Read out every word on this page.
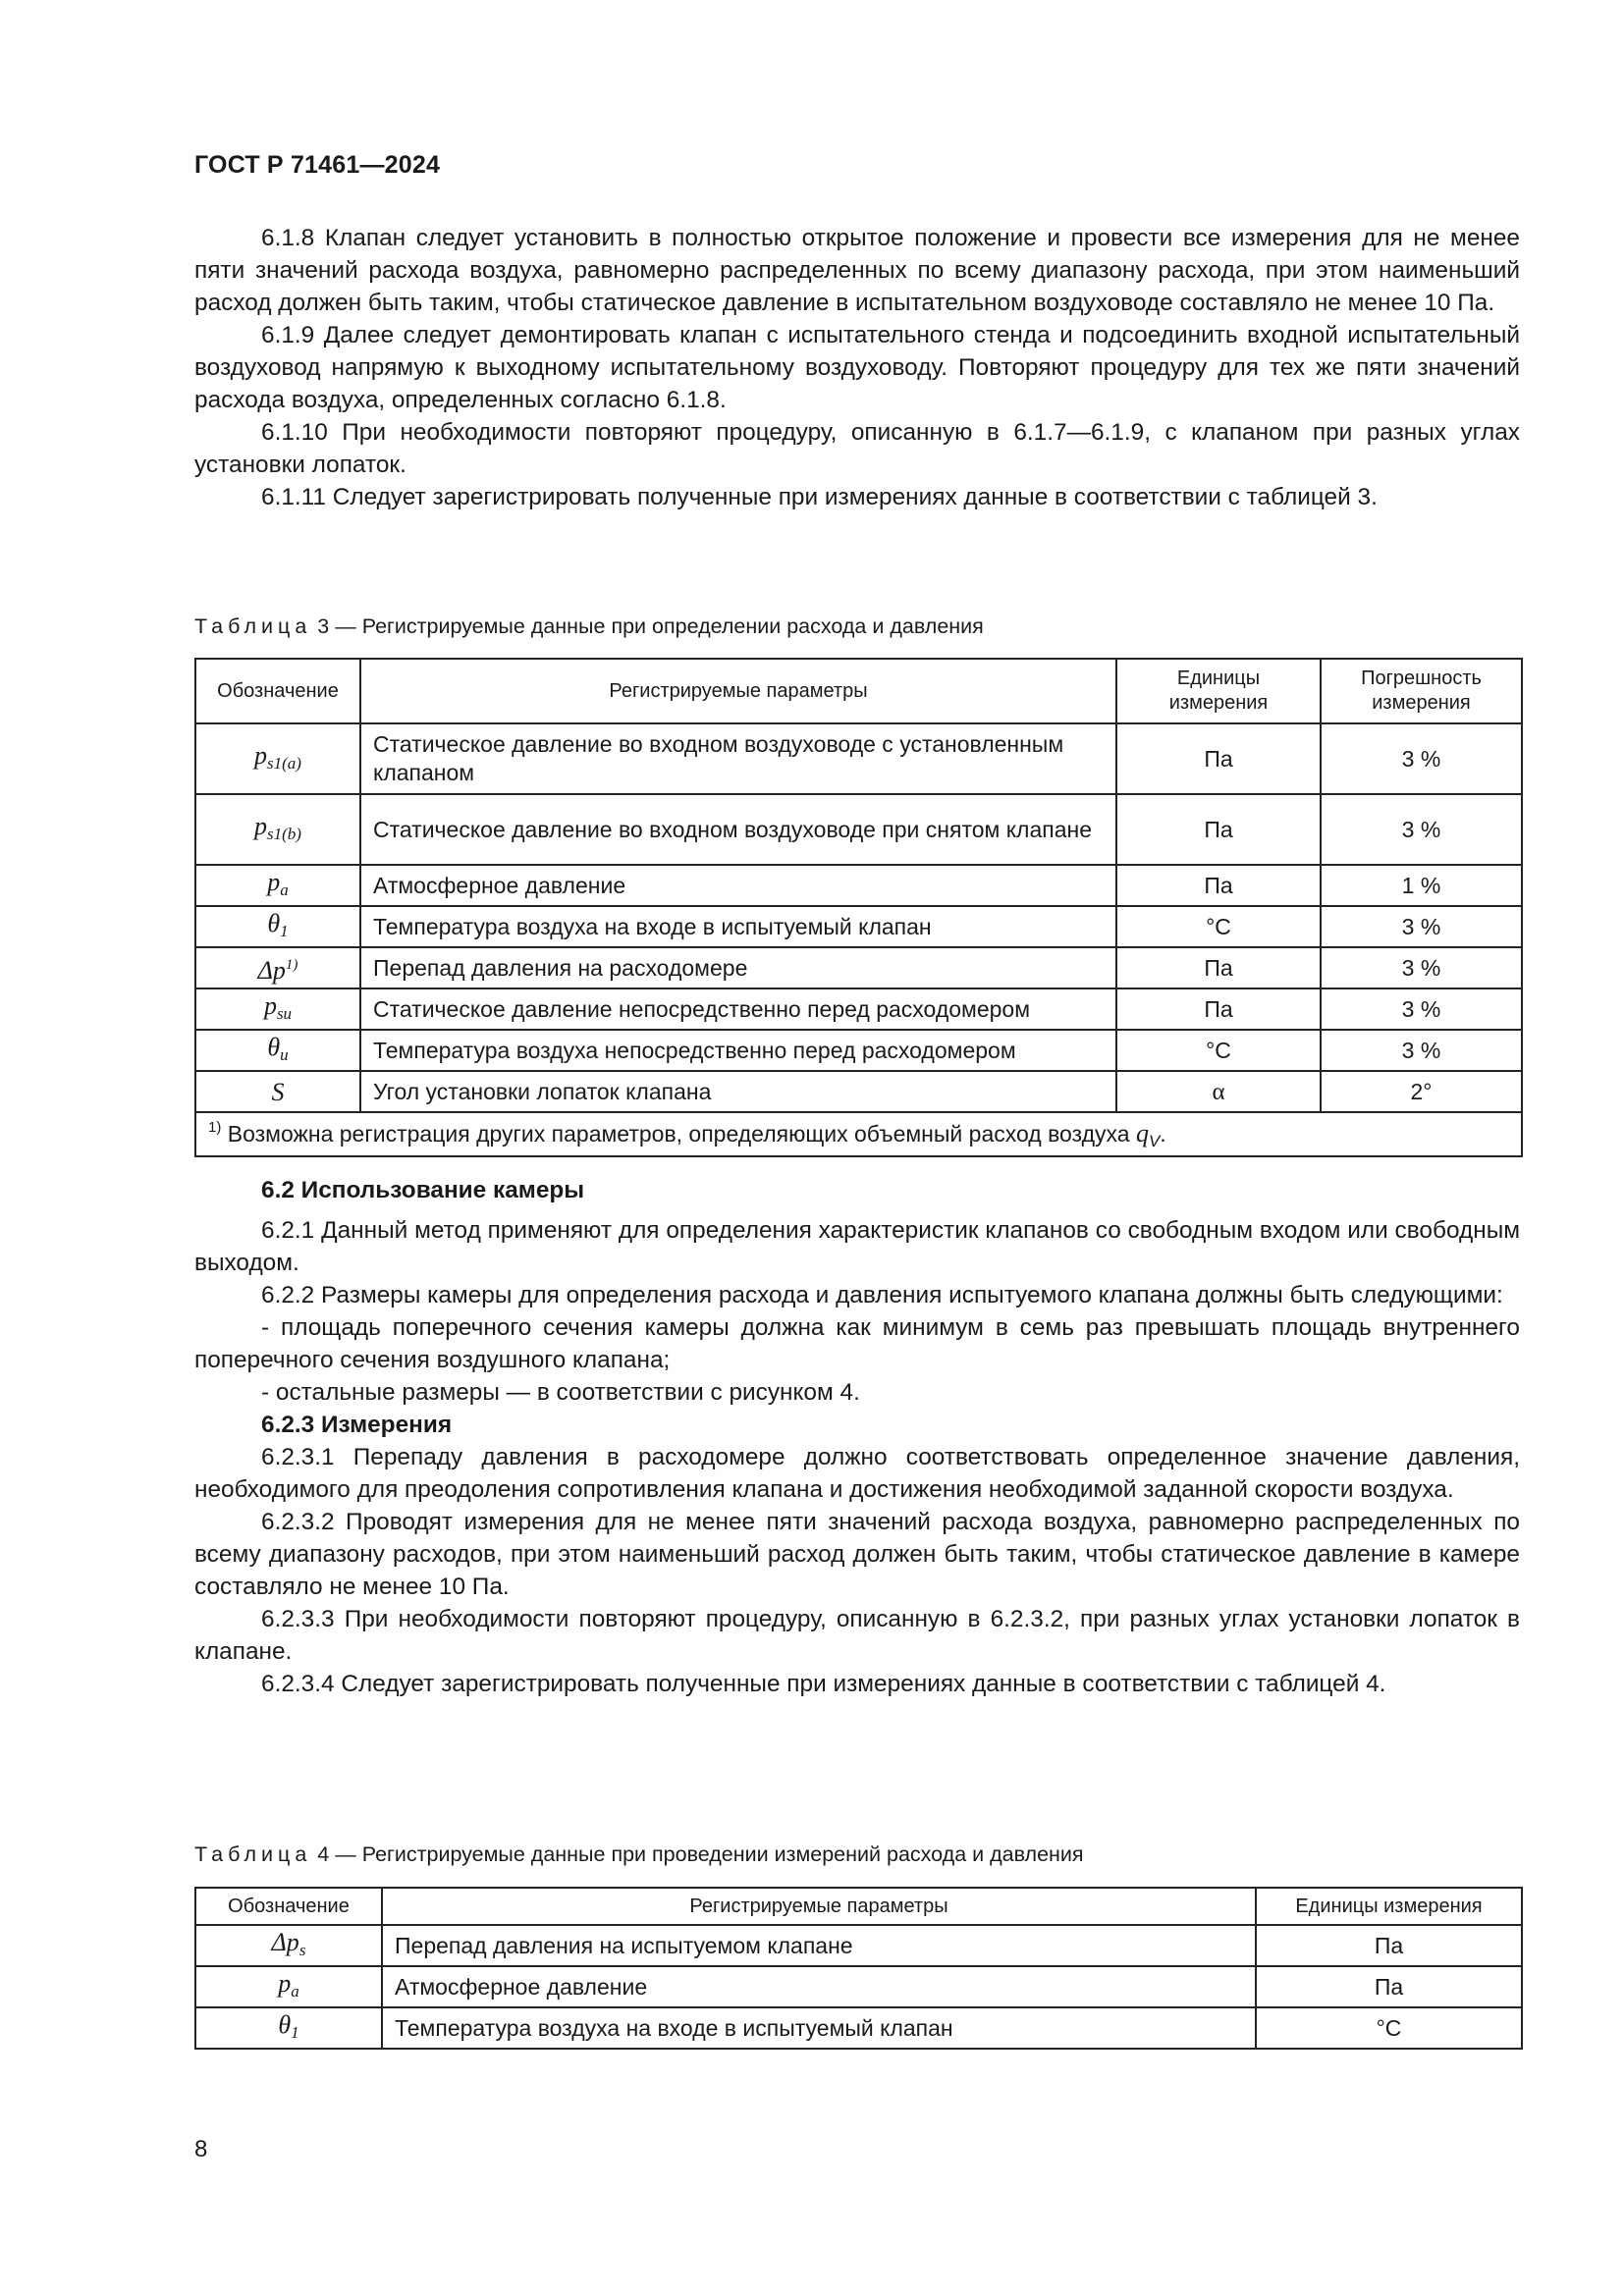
ГОСТ Р 71461—2024

6.1.8 Клапан следует установить в полностью открытое положение и провести все измерения для не менее пяти значений расхода воздуха, равномерно распределенных по всему диапазону расхода, при этом наименьший расход должен быть таким, чтобы статическое давление в испытательном воздуховоде составляло не менее 10 Па.

6.1.9 Далее следует демонтировать клапан с испытательного стенда и подсоединить входной испытательный воздуховод напрямую к выходному испытательному воздуховоду. Повторяют процедуру для тех же пяти значений расхода воздуха, определенных согласно 6.1.8.

6.1.10 При необходимости повторяют процедуру, описанную в 6.1.7—6.1.9, с клапаном при разных углах установки лопаток.

6.1.11 Следует зарегистрировать полученные при измерениях данные в соответствии с таблицей 3.

Таблица 3 — Регистрируемые данные при определении расхода и давления
Обозначение	Регистрируемые параметры	Единицы измерения	Погрешность измерения
$p_{s1(a)}$	Статическое давление во входном воздуховоде с установленным клапаном	Па	3 %
$p_{s1(b)}$	Статическое давление во входном воздуховоде при снятом клапане	Па	3 %
$p_a$	Атмосферное давление	Па	1 %
$\theta_1$	Температура воздуха на входе в испытуемый клапан	°C	3 %
$\Delta p^{1)}$	Перепад давления на расходомере	Па	3 %
$p_{su}$	Статическое давление непосредственно перед расходомером	Па	3 %
$\theta_u$	Температура воздуха непосредственно перед расходомером	°C	3 %
S	Угол установки лопаток клапана	α	2°
$^{1)}$ Возможна регистрация других параметров, определяющих объемный расход воздуха $q_V$.			

6.2 Использование камеры

6.2.1 Данный метод применяют для определения характеристик клапанов со свободным входом или свободным выходом.

6.2.2 Размеры камеры для определения расхода и давления испытуемого клапана должны быть следующими:

- площадь поперечного сечения камеры должна как минимум в семь раз превышать площадь внутреннего поперечного сечения воздушного клапана;

- остальные размеры — в соответствии с рисунком 4.

6.2.3 Измерения

6.2.3.1 Перепаду давления в расходомере должно соответствовать определенное значение давления, необходимого для преодоления сопротивления клапана и достижения необходимой заданной скорости воздуха.

6.2.3.2 Проводят измерения для не менее пяти значений расхода воздуха, равномерно распределенных по всему диапазону расходов, при этом наименьший расход должен быть таким, чтобы статическое давление в камере составляло не менее 10 Па.

6.2.3.3 При необходимости повторяют процедуру, описанную в 6.2.3.2, при разных углах установки лопаток в клапане.

6.2.3.4 Следует зарегистрировать полученные при измерениях данные в соответствии с таблицей 4.

Таблица 4 — Регистрируемые данные при проведении измерений расхода и давления
Обозначение	Регистрируемые параметры	Единицы измерения
$\Delta p_s$	Перепад давления на испытуемом клапане	Па
$p_a$	Атмосферное давление	Па
$\theta_1$	Температура воздуха на входе в испытуемый клапан	°C
8
